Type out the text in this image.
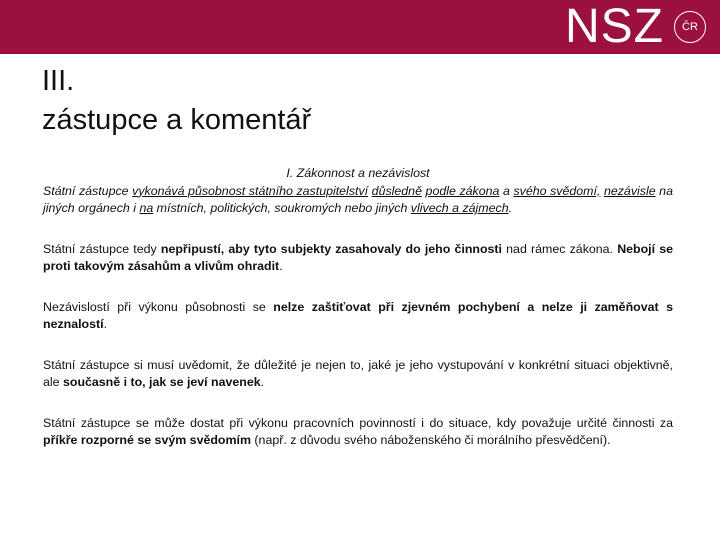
NSZ	ČR
III.
zástupce a komentář

I. Zákonnost a nezávislost

Státní zástupce vykonává působnost státního zastupitelství důsledně podle zákona a svého svědomí, nezávisle na jiných orgánech i na místních, politických, soukromých nebo jiných vlivech a zájmech.

Státní zástupce tedy nepřipustí, aby tyto subjekty zasahovaly do jeho činnosti nad rámec zákona. Nebojí se proti takovým zásahům a vlivům ohradit.

Nezávislostí při výkonu působnosti se nelze zaštiťovat při zjevném pochybení a nelze ji zaměňovat s neznalostí.

Státní zástupce si musí uvědomit, že důležité je nejen to, jaké je jeho vystupování v konkrétní situaci objektivně, ale současně i to, jak se jeví navenek.

Státní zástupce se může dostat při výkonu pracovních povinností i do situace, kdy považuje určité činnosti za příkře rozporné se svým svědomím (např. z důvodu svého náboženského či morálního přesvědčení).
